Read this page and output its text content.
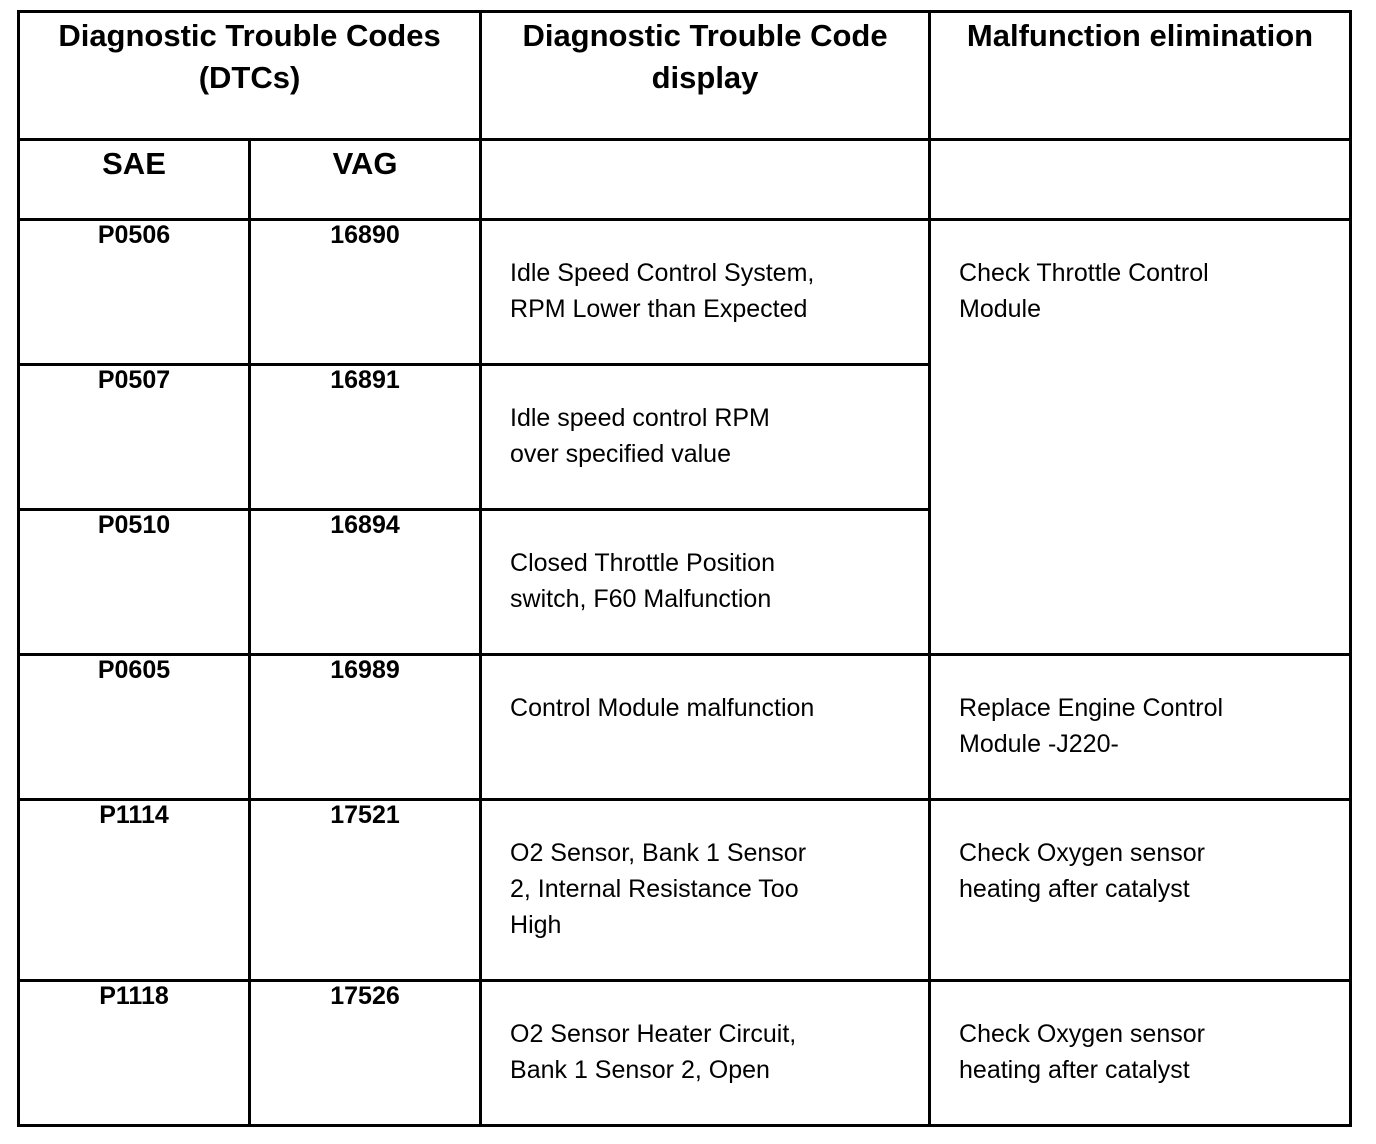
Diagnostic Trouble Codes
(DTCs)		Diagnostic Trouble Code
display	Malfunction elimination

SAE	VAG		

P0506	16890	Idle Speed Control System,
RPM Lower than Expected	Check Throttle Control
Module

P0507	16891	Idle speed control RPM
over specified value	

P0510	16894	Closed Throttle Position
switch, F60 Malfunction	

P0605	16989	Control Module malfunction	Replace Engine Control
Module -J220-

P1114	17521	O2 Sensor, Bank 1 Sensor
2, Internal Resistance Too
High	Check Oxygen sensor
heating after catalyst

P1118	17526	O2 Sensor Heater Circuit,
Bank 1 Sensor 2, Open	Check Oxygen sensor
heating after catalyst
